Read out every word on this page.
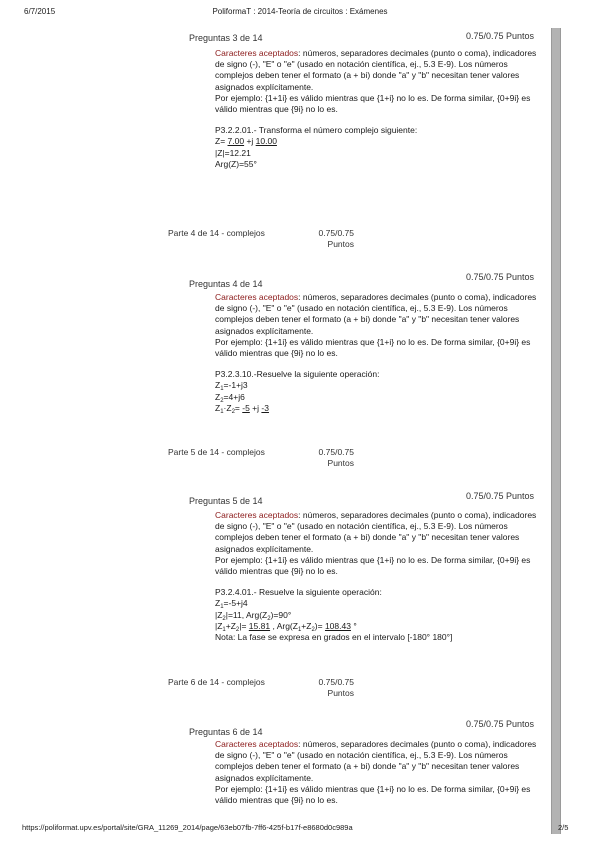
6/7/2015	PoliformaT : 2014-Teoría de circuitos : Exámenes
Preguntas 3 de 14	0.75/0.75 Puntos

Caracteres aceptados: números, separadores decimales (punto o coma), indicadores de signo (-), "E" o "e" (usado en notación científica, ej., 5.3 E-9). Los números complejos deben tener el formato (a + bi) donde "a" y "b" necesitan tener valores asignados explícitamente.

Por ejemplo: {1+1i} es válido mientras que {1+i} no lo es. De forma similar, {0+9i} es válido mientras que {9i} no lo es.

P3.2.2.01.- Transforma el número complejo siguiente:

Z= 7.00 +j 10.00

|Z|=12.21

Arg(Z)=55°

Parte 4 de 14 - complejos	0.75/0.75 Puntos
Preguntas 4 de 14
0.75/0.75 Puntos

Caracteres aceptados: números, separadores decimales (punto o coma), indicadores de signo (-), "E" o "e" (usado en notación científica, ej., 5.3 E-9). Los números complejos deben tener el formato (a + bi) donde "a" y "b" necesitan tener valores asignados explícitamente.

Por ejemplo: {1+1i} es válido mientras que {1+i} no lo es. De forma similar, {0+9i} es válido mientras que {9i} no lo es.

P3.2.3.10.-Resuelve la siguiente operación:

$Z_1=-1+j3$

$Z_2=4+j6$

$Z_1\cdot Z_2= -5 +j$ -3

Parte 5 de 14 - complejos	0.75/0.75 Puntos
Preguntas 5 de 14	0.75/0.75 Puntos

Caracteres aceptados: números, separadores decimales (punto o coma), indicadores de signo (-), "E" o "e" (usado en notación científica, ej., 5.3 E-9). Los números complejos deben tener el formato (a + bi) donde "a" y "b" necesitan tener valores asignados explícitamente.

Por ejemplo: {1+1i} es válido mientras que {1+i} no lo es. De forma similar, {0+9i} es válido mientras que {9i} no lo es.

P3.2.4.01.- Resuelve la siguiente operación:

$Z_1=-5+j4$

$|Z_2|=11$, $Arg(Z_2)=90^\circ$

$|Z_1+Z_2|= 15.81$ , $Arg(Z_1+Z_2)= 108.43$ °

Nota: La fase se expresa en grados en el intervalo [-180° 180°]

Parte 6 de 14 - complejos	0.75/0.75 Puntos
Preguntas 6 de 14
0.75/0.75 Puntos

Caracteres aceptados: números, separadores decimales (punto o coma), indicadores de signo (-), "E" o "e" (usado en notación científica, ej., 5.3 E-9). Los números complejos deben tener el formato (a + bi) donde "a" y "b" necesitan tener valores asignados explícitamente.

Por ejemplo: {1+1i} es válido mientras que {1+i} no lo es. De forma similar, {0+9i} es válido mientras que {9i} no lo es.

https://poliformat.upv.es/portal/site/GRA_11269_2014/page/63eb07fb-7ff6-425f-b17f-e8680d0c989a	2/5
